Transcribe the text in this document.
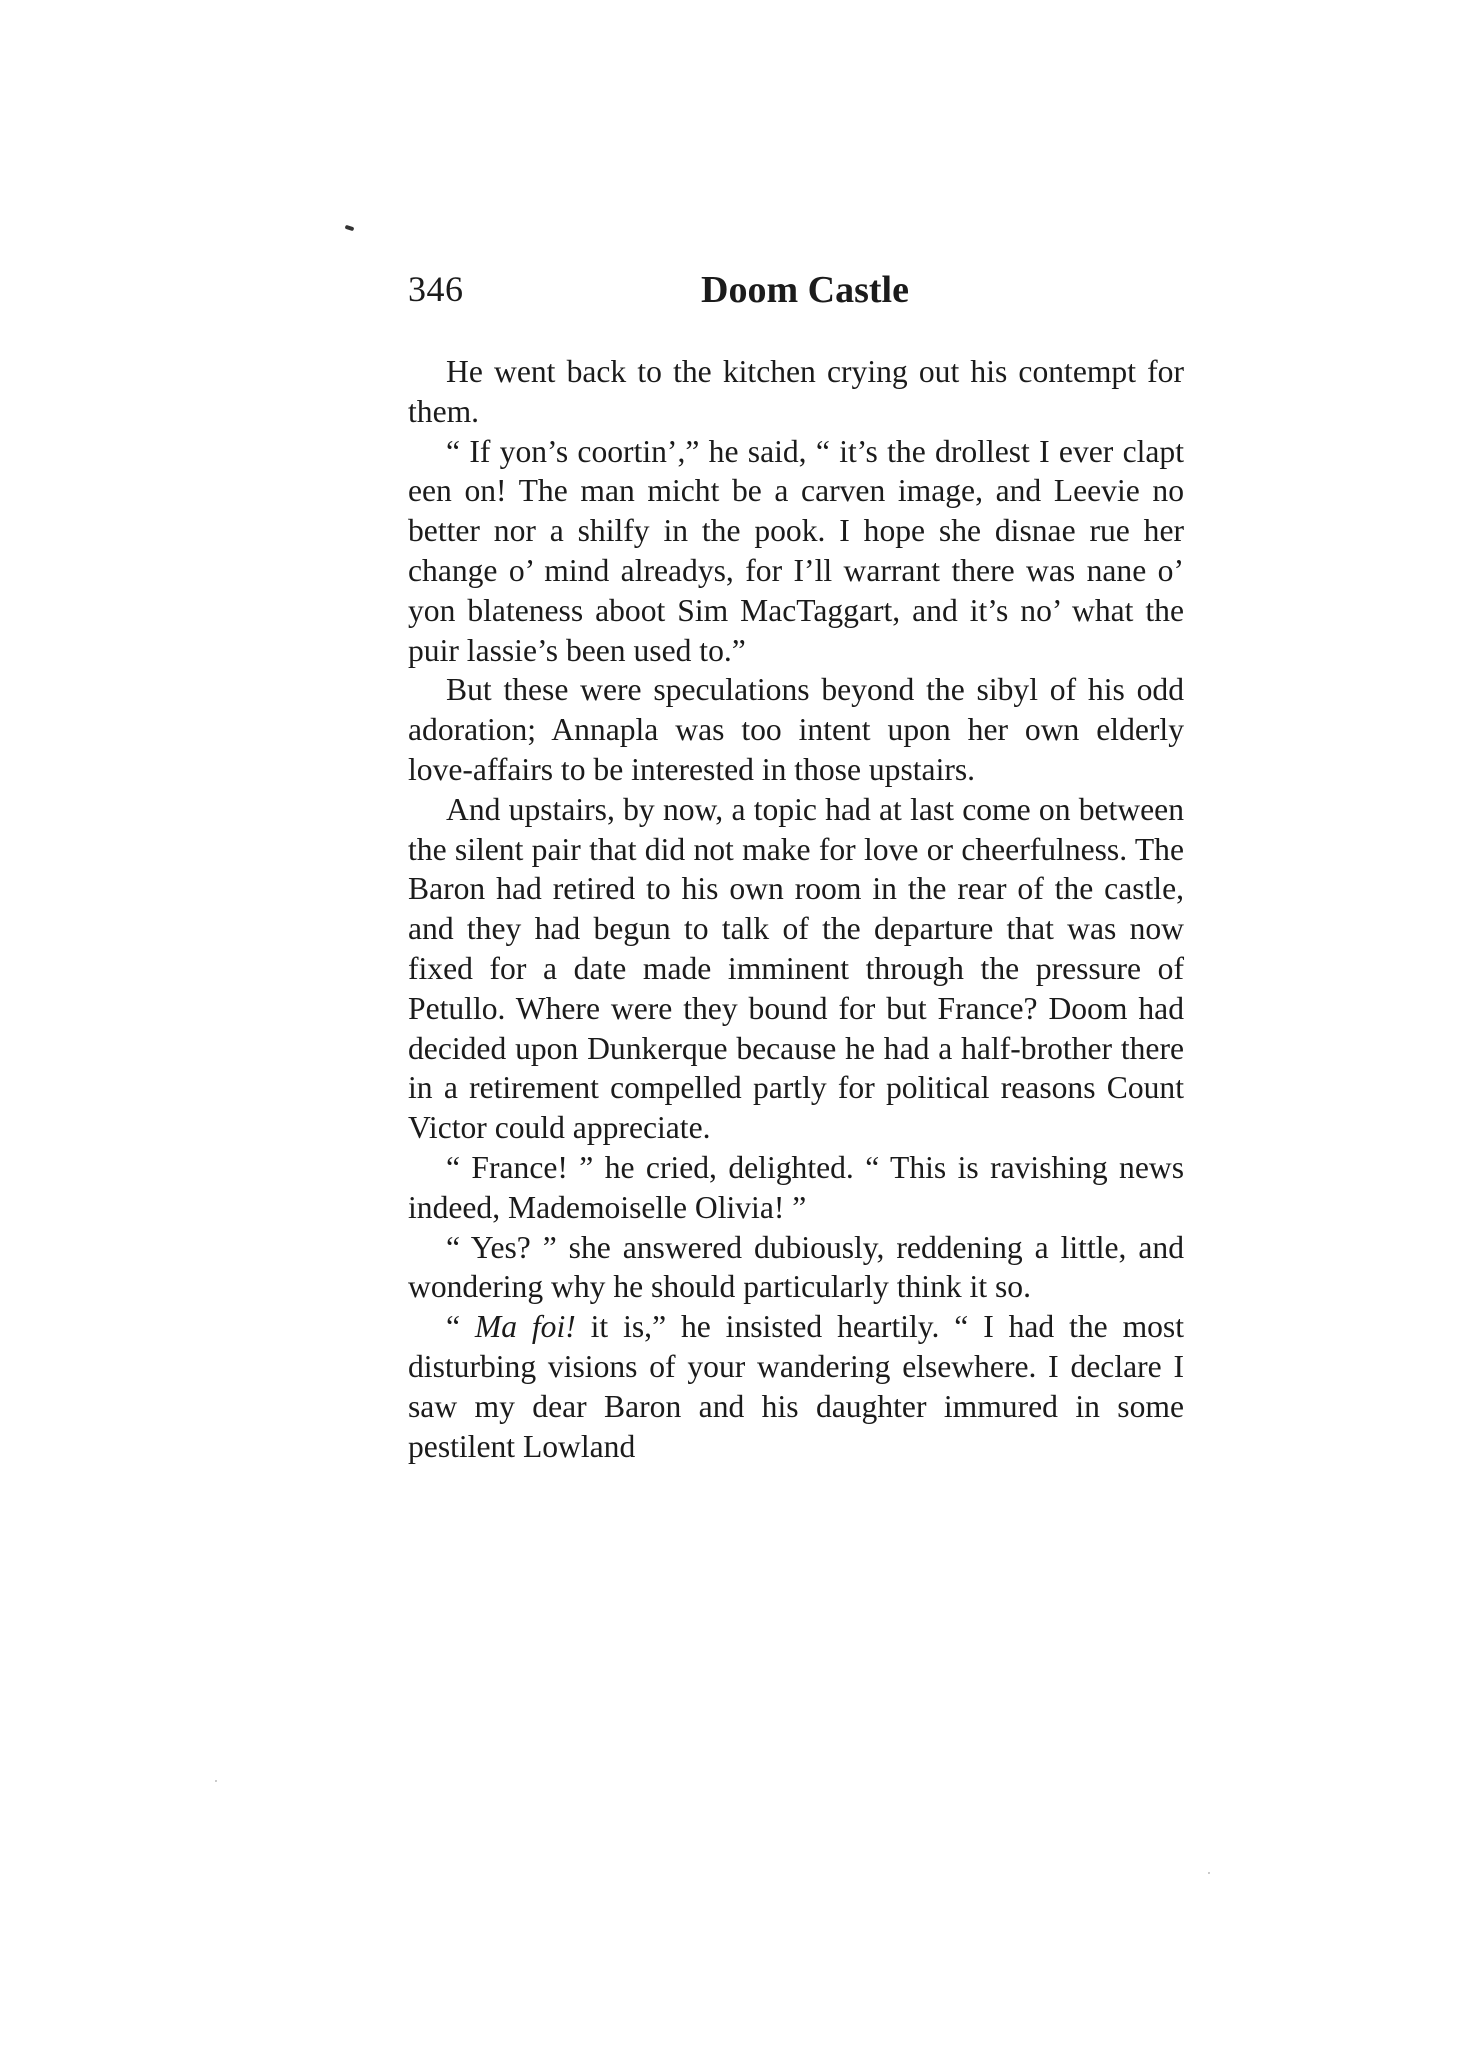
346	Doom Castle

He went back to the kitchen crying out his contempt for them.

“ If yon’s coortin’,” he said, “ it’s the drollest I ever clapt een on! The man micht be a carven image, and Leevie no better nor a shilfy in the pook. I hope she disnae rue her change o’ mind alreadys, for I’ll warrant there was nane o’ yon blateness aboot Sim MacTaggart, and it’s no’ what the puir lassie’s been used to.”

But these were speculations beyond the sibyl of his odd adoration; Annapla was too intent upon her own elderly love-affairs to be interested in those upstairs.

And upstairs, by now, a topic had at last come on between the silent pair that did not make for love or cheerfulness. The Baron had retired to his own room in the rear of the castle, and they had begun to talk of the departure that was now fixed for a date made imminent through the pressure of Petullo. Where were they bound for but France? Doom had decided upon Dunkerque because he had a half-brother there in a retirement compelled partly for political reasons Count Victor could appreciate.

“ France! ” he cried, delighted. “ This is ravishing news indeed, Mademoiselle Olivia! ”

“ Yes? ” she answered dubiously, reddening a little, and wondering why he should particularly think it so.

“ Ma foi! it is,” he insisted heartily. “ I had the most disturbing visions of your wandering elsewhere. I declare I saw my dear Baron and his daughter immured in some pestilent Lowland
